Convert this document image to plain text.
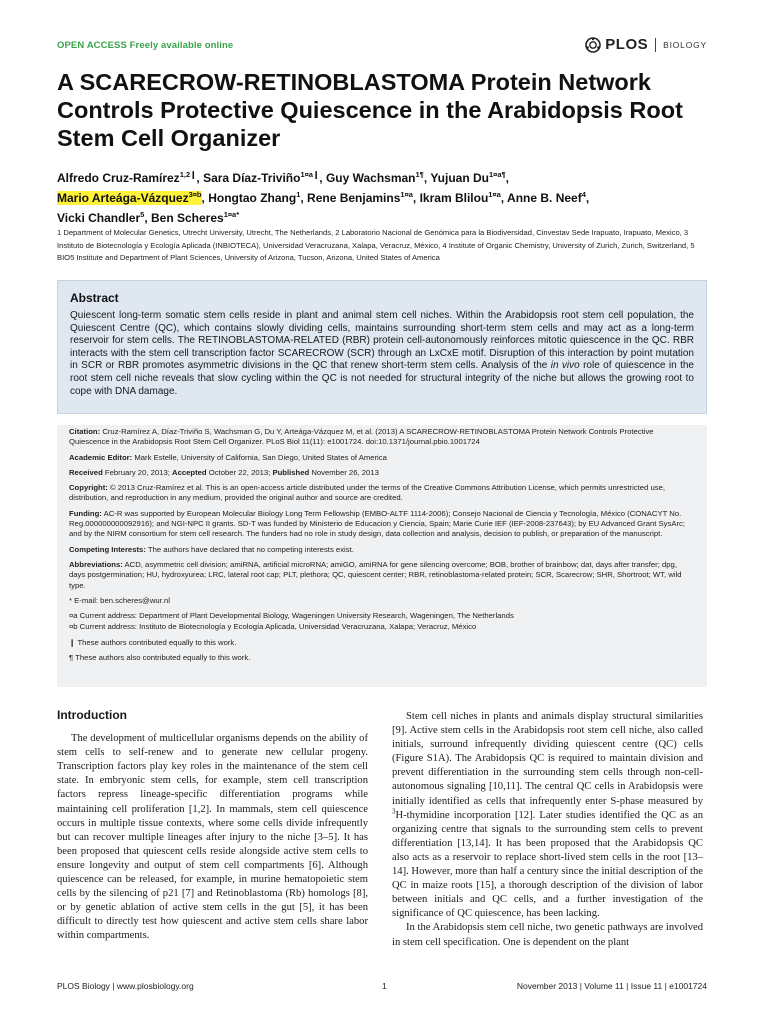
OPEN ACCESS Freely available online	PLOS BIOLOGY
A SCARECROW-RETINOBLASTOMA Protein Network Controls Protective Quiescence in the Arabidopsis Root Stem Cell Organizer
Alfredo Cruz-Ramírez$^{1,2❙}$, Sara Díaz-Triviño$^{1¤a❙}$, Guy Wachsman$^{1\P}$, Yujuan $Du^{1¤a\P}$,
Mario Arteága-Vázquez$^{3¤b}$, Hongtao Zhang$^1$, Rene Benjamins$^{1¤a}$, Ikram Blilou$^{1¤a}$, Anne B. Neef$^4$,
Vicki Chandler$^5$, Ben Scheres$^{1¤a*}$
1 Department of Molecular Genetics, Utrecht University, Utrecht, The Netherlands, 2 Laboratorio Nacional de Genómica para la Biodiversidad, Cinvestav Sede Irapuato, Irapuato, Mexico, 3 Instituto de Biotecnología y Ecología Aplicada (INBIOTECA), Universidad Veracruzana, Xalapa, Veracruz, México, 4 Institute of Organic Chemistry, University of Zurich, Zurich, Switzerland, 5 BIO5 Institute and Department of Plant Sciences, University of Arizona, Tucson, Arizona, United States of America
Abstract

Quiescent long-term somatic stem cells reside in plant and animal stem cell niches. Within the Arabidopsis root stem cell population, the Quiescent Centre (QC), which contains slowly dividing cells, maintains surrounding short-term stem cells and may act as a long-term reservoir for stem cells. The RETINOBLASTOMA-RELATED (RBR) protein cell-autonomously reinforces mitotic quiescence in the QC. RBR interacts with the stem cell transcription factor SCARECROW (SCR) through an LxCxE motif. Disruption of this interaction by point mutation in SCR or RBR promotes asymmetric divisions in the QC that renew short-term stem cells. Analysis of the in vivo role of quiescence in the root stem cell niche reveals that slow cycling within the QC is not needed for structural integrity of the niche but allows the growing root to cope with DNA damage.

Citation: Cruz-Ramírez A, Díaz-Triviño S, Wachsman G, Du Y, Arteága-Vázquez M, et al. (2013) A SCARECROW-RETINOBLASTOMA Protein Network Controls Protective Quiescence in the Arabidopsis Root Stem Cell Organizer. PLoS Biol 11(11): e1001724. doi:10.1371/journal.pbio.1001724

Academic Editor: Mark Estelle, University of California, San Diego, United States of America

Received February 20, 2013; Accepted October 22, 2013; Published November 26, 2013

Copyright: © 2013 Cruz-Ramírez et al. This is an open-access article distributed under the terms of the Creative Commons Attribution License, which permits unrestricted use, distribution, and reproduction in any medium, provided the original author and source are credited.

Funding: AC-R was supported by European Molecular Biology Long Term Fellowship (EMBO-ALTF 1114-2006); Consejo Nacional de Ciencia y Tecnología, México (CONACYT No. Reg.000000000092916); and NGI-NPC II grants. SD-T was funded by Ministerio de Educacion y Ciencia, Spain; Marie Curie IEF (IEF-2008-237643); by EU Advanced Grant SysArc; and by the NIRM consortium for stem cell research. The funders had no role in study design, data collection and analysis, decision to publish, or preparation of the manuscript.

Competing Interests: The authors have declared that no competing interests exist.

Abbreviations: ACD, asymmetric cell division; amiRNA, artificial microRNA; amiGO, amiRNA for gene silencing overcome; BOB, brother of brainbow; dat, days after transfer; dpg, days postgermination; HU, hydroxyurea; LRC, lateral root cap; PLT, plethora; QC, quiescent center; RBR, retinoblastoma-related protein; SCR, Scarecrow; SHR, Shortroot; WT, wild type.

* E-mail: ben.scheres@wur.nl

¤a Current address: Department of Plant Developmental Biology, Wageningen University Research, Wageningen, The Netherlands

¤b Current address: Instituto de Biotecnología y Ecología Aplicada, Universidad Veracruzana, Xalapa; Veracruz, México

❙ These authors contributed equally to this work.

¶ These authors also contributed equally to this work.

Introduction

The development of multicellular organisms depends on the ability of stem cells to self-renew and to generate new cellular progeny. Transcription factors play key roles in the maintenance of the stem cell state. In embryonic stem cells, for example, stem cell transcription factors repress lineage-specific differentiation programs while maintaining cell proliferation [1,2]. In mammals, stem cell quiescence occurs in multiple tissue contexts, where some cells divide infrequently but can recover multiple lineages after injury to the niche [3–5]. It has been proposed that quiescent cells reside alongside active stem cells to ensure longevity and output of stem cell compartments [6]. Although quiescence can be released, for example, in murine hematopoietic stem cells by the silencing of p21 [7] and Retinoblastoma (Rb) homologs [8], or by genetic ablation of active stem cells in the gut [5], it has been difficult to directly test how quiescent and active stem cells share labor within compartments.

Stem cell niches in plants and animals display structural similarities [9]. Active stem cells in the Arabidopsis root stem cell niche, also called initials, surround infrequently dividing quiescent centre (QC) cells (Figure S1A). The Arabidopsis QC is required to maintain division and prevent differentiation in the surrounding stem cells through non-cell-autonomous signaling [10,11]. The central QC cells in Arabidopsis were initially identified as cells that infrequently enter S-phase measured by $^3$H-thymidine incorporation [12]. Later studies identified the QC as an organizing centre that signals to the surrounding stem cells to prevent differentiation [13,14]. It has been proposed that the Arabidopsis QC also acts as a reservoir to replace short-lived stem cells in the root [13–14]. However, more than half a century since the initial description of the QC in maize roots [15], a thorough description of the division of labor between initials and QC cells, and a further investigation of the significance of QC quiescence, has been lacking.

In the Arabidopsis stem cell niche, two genetic pathways are involved in stem cell specification. One is dependent on the plant

PLOS Biology | www.plosbiology.org	1	November 2013 | Volume 11 | Issue 11 | e1001724
